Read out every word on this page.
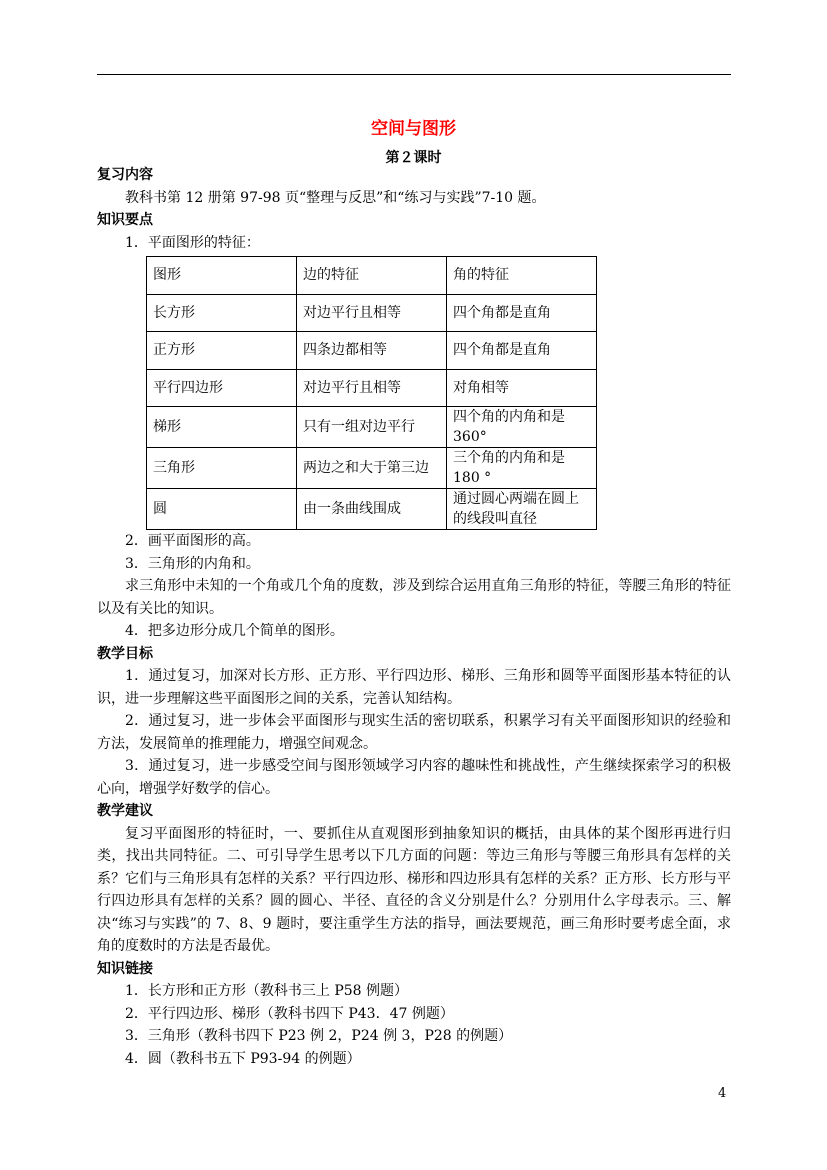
空间与图形
第２课时
复习内容
教科书第 12 册第 97-98 页“整理与反思”和“练习与实践”7-10 题。
知识要点
1．平面图形的特征：
图形	边的特征	角的特征
长方形	对边平行且相等	四个角都是直角
正方形	四条边都相等	四个角都是直角
平行四边形	对边平行且相等	对角相等
梯形	只有一组对边平行	四个角的内角和是 360°
三角形	两边之和大于第三边	三个角的内角和是 180 °
圆	由一条曲线围成	通过圆心两端在圆上的线段叫直径
2．画平面图形的高。
3．三角形的内角和。
求三角形中未知的一个角或几个角的度数，涉及到综合运用直角三角形的特征，等腰三角形的特征以及有关比的知识。
4．把多边形分成几个简单的图形。
教学目标
1．通过复习，加深对长方形、正方形、平行四边形、梯形、三角形和圆等平面图形基本特征的认识，进一步理解这些平面图形之间的关系，完善认知结构。
2．通过复习，进一步体会平面图形与现实生活的密切联系，积累学习有关平面图形知识的经验和方法，发展简单的推理能力，增强空间观念。
3．通过复习，进一步感受空间与图形领域学习内容的趣味性和挑战性，产生继续探索学习的积极心向，增强学好数学的信心。
教学建议
复习平面图形的特征时，一、要抓住从直观图形到抽象知识的概括，由具体的某个图形再进行归类，找出共同特征。二、可引导学生思考以下几方面的问题：等边三角形与等腰三角形具有怎样的关系？它们与三角形具有怎样的关系？平行四边形、梯形和四边形具有怎样的关系？正方形、长方形与平行四边形具有怎样的关系？圆的圆心、半径、直径的含义分别是什么？分别用什么字母表示。三、解决“练习与实践”的 7、8、9 题时，要注重学生方法的指导，画法要规范，画三角形时要考虑全面，求角的度数时的方法是否最优。
知识链接
1．长方形和正方形（教科书三上 P58 例题）
2．平行四边形、梯形（教科书四下 P43．47 例题）
3．三角形（教科书四下 P23 例 2，P24 例 3，P28 的例题）
4．圆（教科书五下 P93-94 的例题）
4
